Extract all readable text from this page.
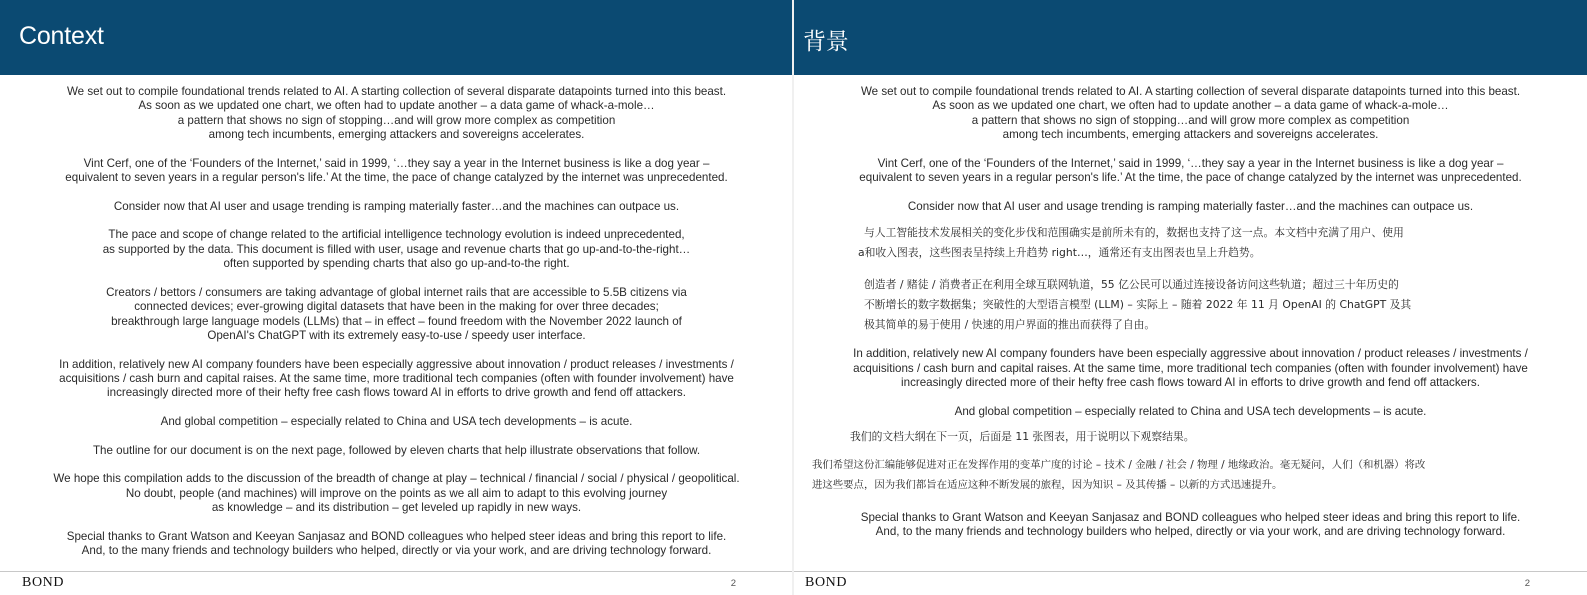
Context

We set out to compile foundational trends related to AI. A starting collection of several disparate datapoints turned into this beast.
As soon as we updated one chart, we often had to update another – a data game of whack-a-mole…
a pattern that shows no sign of stopping…and will grow more complex as competition
among tech incumbents, emerging attackers and sovereigns accelerates.

Vint Cerf, one of the ‘Founders of the Internet,’ said in 1999, ‘…they say a year in the Internet business is like a dog year –
equivalent to seven years in a regular person's life.’ At the time, the pace of change catalyzed by the internet was unprecedented.

Consider now that AI user and usage trending is ramping materially faster…and the machines can outpace us.

The pace and scope of change related to the artificial intelligence technology evolution is indeed unprecedented,
as supported by the data. This document is filled with user, usage and revenue charts that go up-and-to-the-right…
often supported by spending charts that also go up-and-to-the right.

Creators / bettors / consumers are taking advantage of global internet rails that are accessible to 5.5B citizens via
connected devices; ever-growing digital datasets that have been in the making for over three decades;
breakthrough large language models (LLMs) that – in effect – found freedom with the November 2022 launch of
OpenAI's ChatGPT with its extremely easy-to-use / speedy user interface.

In addition, relatively new AI company founders have been especially aggressive about innovation / product releases / investments /
acquisitions / cash burn and capital raises. At the same time, more traditional tech companies (often with founder involvement) have
increasingly directed more of their hefty free cash flows toward AI in efforts to drive growth and fend off attackers.

And global competition – especially related to China and USA tech developments – is acute.

The outline for our document is on the next page, followed by eleven charts that help illustrate observations that follow.

We hope this compilation adds to the discussion of the breadth of change at play – technical / financial / social / physical / geopolitical.
No doubt, people (and machines) will improve on the points as we all aim to adapt to this evolving journey
as knowledge – and its distribution – get leveled up rapidly in new ways.

Special thanks to Grant Watson and Keeyan Sanjasaz and BOND colleagues who helped steer ideas and bring this report to life.
And, to the many friends and technology builders who helped, directly or via your work, and are driving technology forward.

BOND	2
背景

We set out to compile foundational trends related to AI. A starting collection of several disparate datapoints turned into this beast.
As soon as we updated one chart, we often had to update another – a data game of whack-a-mole…
a pattern that shows no sign of stopping…and will grow more complex as competition
among tech incumbents, emerging attackers and sovereigns accelerates.

Vint Cerf, one of the ‘Founders of the Internet,’ said in 1999, ‘…they say a year in the Internet business is like a dog year –
equivalent to seven years in a regular person's life.’ At the time, the pace of change catalyzed by the internet was unprecedented.

Consider now that AI user and usage trending is ramping materially faster…and the machines can outpace us.

与人工智能技术发展相关的变化步伐和范围确实是前所未有的，数据也支持了这一点。本文档中充满了用户、使用
a和收入图表，这些图表呈持续上升趋势 right…，通常还有支出图表也呈上升趋势。

创造者 / 赌徒 / 消费者正在利用全球互联网轨道，55 亿公民可以通过连接设备访问这些轨道；超过三十年历史的
不断增长的数字数据集；突破性的大型语言模型 (LLM) – 实际上 – 随着 2022 年 11 月 OpenAI 的 ChatGPT 及其
极其简单的易于使用 / 快速的用户界面的推出而获得了自由。

In addition, relatively new AI company founders have been especially aggressive about innovation / product releases / investments /
acquisitions / cash burn and capital raises. At the same time, more traditional tech companies (often with founder involvement) have
increasingly directed more of their hefty free cash flows toward AI in efforts to drive growth and fend off attackers.

And global competition – especially related to China and USA tech developments – is acute.

我们的文档大纲在下一页，后面是 11 张图表，用于说明以下观察结果。

我们希望这份汇编能够促进对正在发挥作用的变革广度的讨论 – 技术 / 金融 / 社会 / 物理 / 地缘政治。毫无疑问，人们（和机器）将改
进这些要点，因为我们都旨在适应这种不断发展的旅程，因为知识 – 及其传播 – 以新的方式迅速提升。

Special thanks to Grant Watson and Keeyan Sanjasaz and BOND colleagues who helped steer ideas and bring this report to life.
And, to the many friends and technology builders who helped, directly or via your work, and are driving technology forward.

BOND	2
